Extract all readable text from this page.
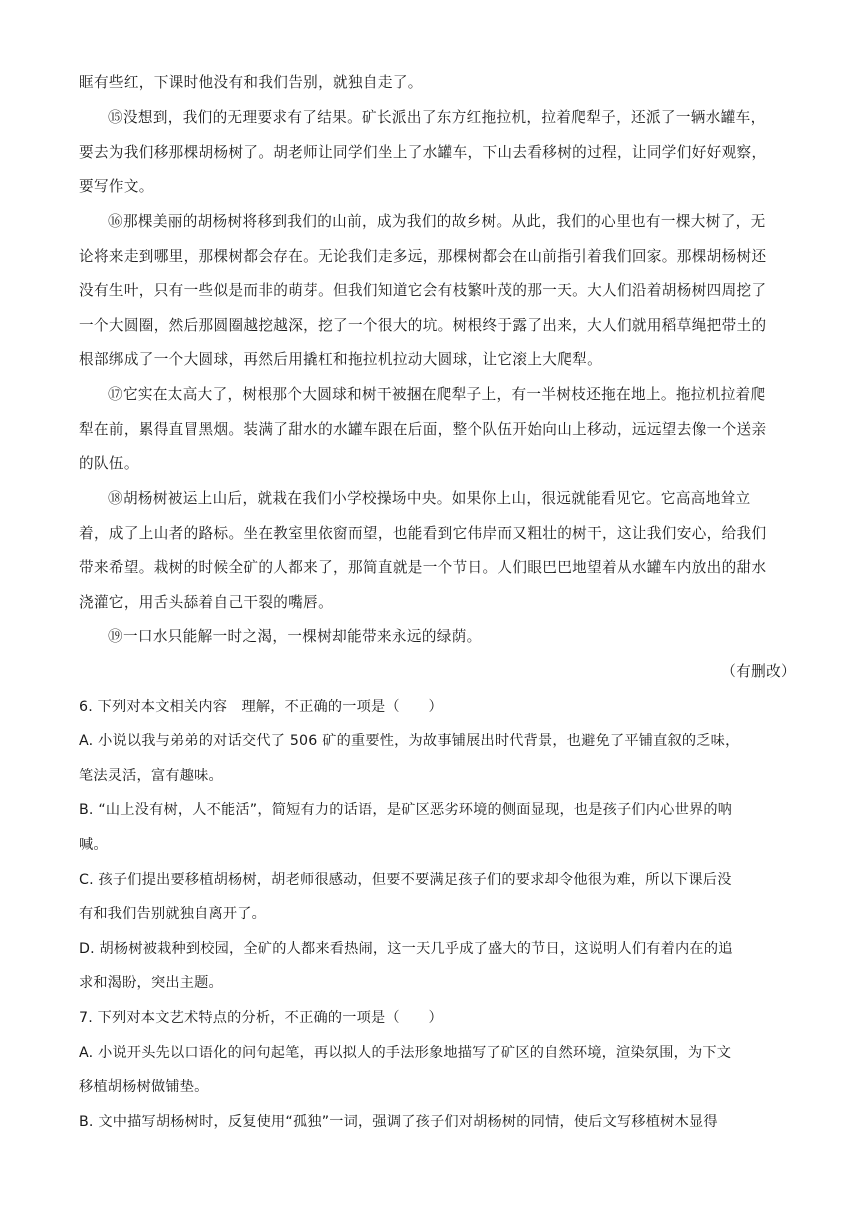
眶有些红，下课时他没有和我们告别，就独自走了。
⑮没想到，我们的无理要求有了结果。矿长派出了东方红拖拉机，拉着爬犁子，还派了一辆水罐车，
要去为我们移那棵胡杨树了。胡老师让同学们坐上了水罐车，下山去看移树的过程，让同学们好好观察，
要写作文。
⑯那棵美丽的胡杨树将移到我们的山前，成为我们的故乡树。从此，我们的心里也有一棵大树了，无
论将来走到哪里，那棵树都会存在。无论我们走多远，那棵树都会在山前指引着我们回家。那棵胡杨树还
没有生叶，只有一些似是而非的萌芽。但我们知道它会有枝繁叶茂的那一天。大人们沿着胡杨树四周挖了
一个大圆圈，然后那圆圈越挖越深，挖了一个很大的坑。树根终于露了出来，大人们就用稻草绳把带土的
根部绑成了一个大圆球，再然后用撬杠和拖拉机拉动大圆球，让它滚上大爬犁。
⑰它实在太高大了，树根那个大圆球和树干被捆在爬犁子上，有一半树枝还拖在地上。拖拉机拉着爬
犁在前，累得直冒黑烟。装满了甜水的水罐车跟在后面，整个队伍开始向山上移动，远远望去像一个送亲
的队伍。
⑱胡杨树被运上山后，就栽在我们小学校操场中央。如果你上山，很远就能看见它。它高高地耸立
着，成了上山者的路标。坐在教室里依窗而望，也能看到它伟岸而又粗壮的树干，这让我们安心，给我们
带来希望。栽树的时候全矿的人都来了，那简直就是一个节日。人们眼巴巴地望着从水罐车内放出的甜水
浇灌它，用舌头舔着自己干裂的嘴唇。
⑲一口水只能解一时之渴，一棵树却能带来永远的绿荫。
（有删改）
6. 下列对本文相关内容　理解，不正确的一项是（　　）
A. 小说以我与弟弟的对话交代了 506 矿的重要性，为故事铺展出时代背景，也避免了平铺直叙的乏味，
笔法灵活，富有趣味。
B. “山上没有树，人不能活”，简短有力的话语，是矿区恶劣环境的侧面显现，也是孩子们内心世界的呐
喊。
C. 孩子们提出要移植胡杨树，胡老师很感动，但要不要满足孩子们的要求却令他很为难，所以下课后没
有和我们告别就独自离开了。
D. 胡杨树被栽种到校园，全矿的人都来看热闹，这一天几乎成了盛大的节日，这说明人们有着内在的追
求和渴盼，突出主题。
7. 下列对本文艺术特点的分析，不正确的一项是（　　）
A. 小说开头先以口语化的问句起笔，再以拟人的手法形象地描写了矿区的自然环境，渲染氛围，为下文
移植胡杨树做铺垫。
B. 文中描写胡杨树时，反复使用“孤独”一词，强调了孩子们对胡杨树的同情，使后文写移植树木显得
